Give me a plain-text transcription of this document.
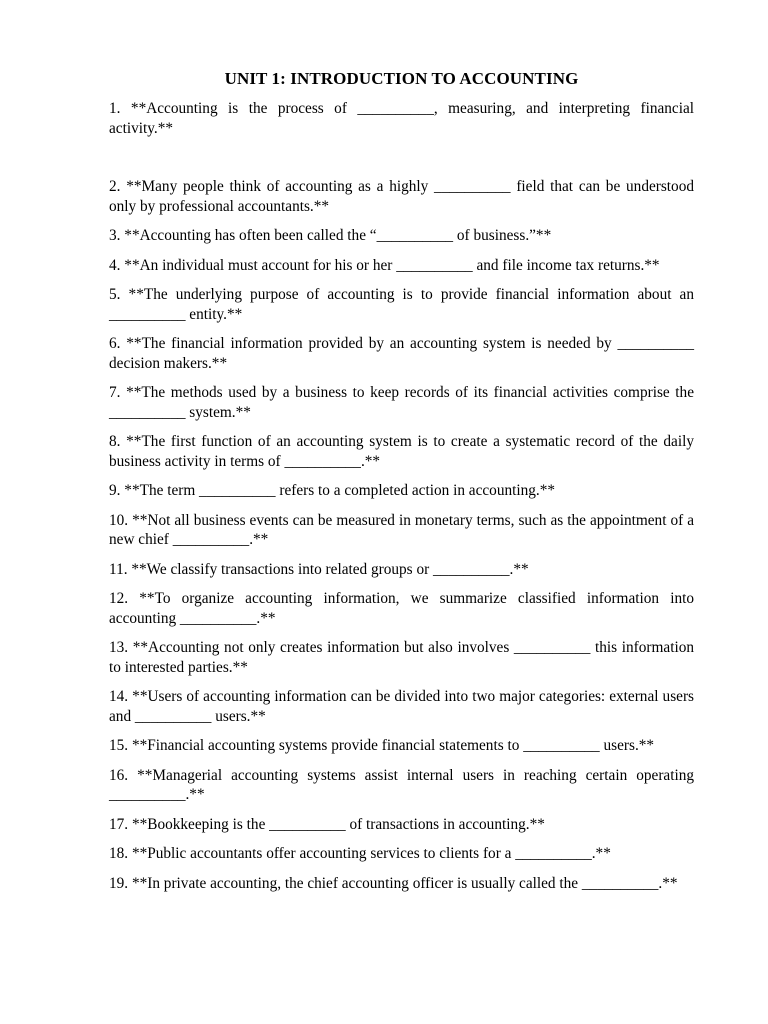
UNIT 1: INTRODUCTION TO ACCOUNTING

1. **Accounting is the process of __________, measuring, and interpreting financial activity.**

2. **Many people think of accounting as a highly __________ field that can be understood only by professional accountants.**

3. **Accounting has often been called the “__________ of business.”**

4. **An individual must account for his or her __________ and file income tax returns.**

5. **The underlying purpose of accounting is to provide financial information about an __________ entity.**

6. **The financial information provided by an accounting system is needed by __________ decision makers.**

7. **The methods used by a business to keep records of its financial activities comprise the __________ system.**

8. **The first function of an accounting system is to create a systematic record of the daily business activity in terms of __________.**

9. **The term __________ refers to a completed action in accounting.**

10. **Not all business events can be measured in monetary terms, such as the appointment of a new chief __________.**

11. **We classify transactions into related groups or __________.**

12. **To organize accounting information, we summarize classified information into accounting __________.**

13. **Accounting not only creates information but also involves __________ this information to interested parties.**

14. **Users of accounting information can be divided into two major categories: external users and __________ users.**

15. **Financial accounting systems provide financial statements to __________ users.**

16. **Managerial accounting systems assist internal users in reaching certain operating __________.**

17. **Bookkeeping is the __________ of transactions in accounting.**

18. **Public accountants offer accounting services to clients for a __________.**

19. **In private accounting, the chief accounting officer is usually called the __________.**
